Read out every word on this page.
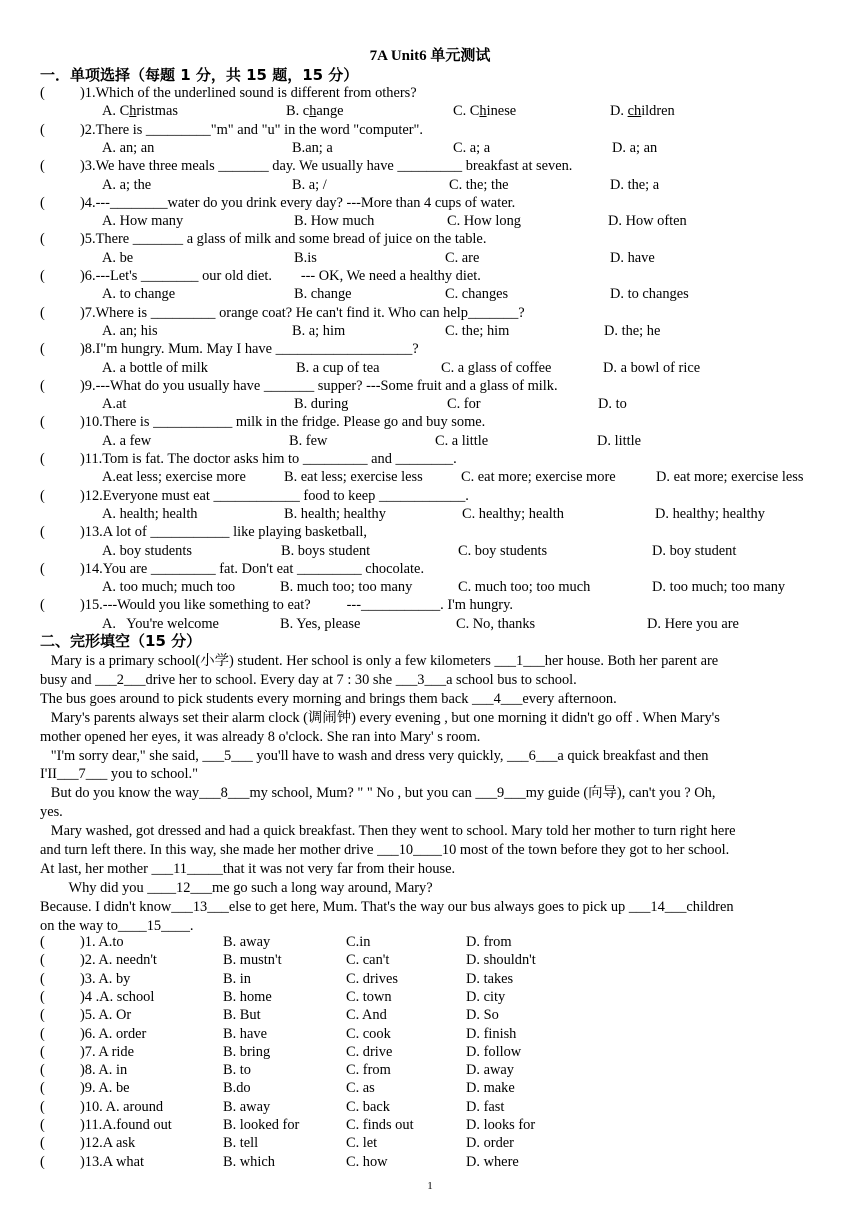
7A Unit6 单元测试
一．单项选择（每题 1 分，共 15 题，15 分）
( )1.Which of the underlined sound is different from others?
A. Christmas	B. change	C. Chinese	D. children
( )2.There is _________"m" and "u" in the word "computer".
A. an; an	B.an; a	C. a; a	D. a; an
( )3.We have three meals _______ day. We usually have _________ breakfast at seven.
A. a; the	B. a; /	C. the; the	D. the; a
( )4.---________water do you drink every day? ---More than 4 cups of water.
A. How many	B. How much	C. How long	D. How often
( )5.There _______ a glass of milk and some bread of juice on the table.
A. be	B.is	C. are	D. have
( )6.---Let's ________ our old diet.        --- OK, We need a healthy diet.
A. to change	B. change	C. changes	D. to changes
( )7.Where is _________ orange coat? He can't find it. Who can help_______?
A. an; his	B. a; him	C. the; him	D. the; he
( )8.I"m hungry. Mum. May I have ___________________?
A. a bottle of milk	B. a cup of tea	C. a glass of coffee	D. a bowl of rice
( )9.---What do you usually have _______ supper? ---Some fruit and a glass of milk.
A.at	B. during	C. for	D. to
( )10.There is ___________ milk in the fridge. Please go and buy some.
A. a few	B. few	C. a little	D. little
( )11.Tom is fat. The doctor asks him to _________ and ________.
A.eat less; exercise more	B. eat less; exercise less	C. eat more; exercise more	D. eat more; exercise less
( )12.Everyone must eat ____________ food to keep ____________.
A. health; health	B. health; healthy	C. healthy; health	D. healthy; healthy
( )13.A lot of ___________ like playing basketball,
A. boy students	B. boys student	C. boy students	D. boy student
( )14.You are _________ fat. Don't eat _________ chocolate.
A. too much; much too	B. much too; too many	C. much too; too much	D. too much; too many
( )15.---Would you like something to eat?          ---___________. I'm hungry.
A.   You're welcome	B. Yes, please	C. No, thanks	D. Here you are
二、完形填空（15 分）
Mary is a primary school(小学) student. Her school is only a few kilometers ___1___her house. Both her parent are
busy and ___2___drive her to school. Every day at 7 : 30 she ___3___a school bus to school.
The bus goes around to pick students every morning and brings them back ___4___every afternoon.
Mary's parents always set their alarm clock (调闹钟) every evening , but one morning it didn't go off . When Mary's
mother opened her eyes, it was already 8 o'clock. She ran into Mary' s room.
"I'm sorry dear," she said, ___5___ you'll have to wash and dress very quickly, ___6___a quick breakfast and then
I'II___7___ you to school."
But do you know the way___8___my school, Mum? " " No , but you can ___9___my guide (向导), can't you ? Oh,
yes.
Mary washed, got dressed and had a quick breakfast. Then they went to school. Mary told her mother to turn right here
and turn left there. In this way, she made her mother drive ___10____10 most of the town before they got to her school.
At last, her mother ___11_____that it was not very far from their house.
Why did you ____12___me go such a long way around, Mary?
Because. I didn't know___13___else to get here, Mum. That's the way our bus always goes to pick up ___14___children
on the way to____15____.
( )1. A.to	B. away	C.in	D. from
( )2. A. needn't	B. mustn't	C. can't	D. shouldn't
( )3. A. by	B. in	C. drives	D. takes
( )4 .A. school	B. home	C. town	D. city
( )5. A. Or	B. But	C. And	D. So
( )6. A. order	B. have	C. cook	D. finish
( )7. A ride	B. bring	C. drive	D. follow
( )8. A. in	B. to	C. from	D. away
( )9. A. be	B.do	C. as	D. make
( )10. A. around	B. away	C. back	D. fast
( )11.A.found out	B. looked for	C. finds out	D. looks for
( )12.A ask	B. tell	C. let	D. order
( )13.A what	B. which	C. how	D. where
1
